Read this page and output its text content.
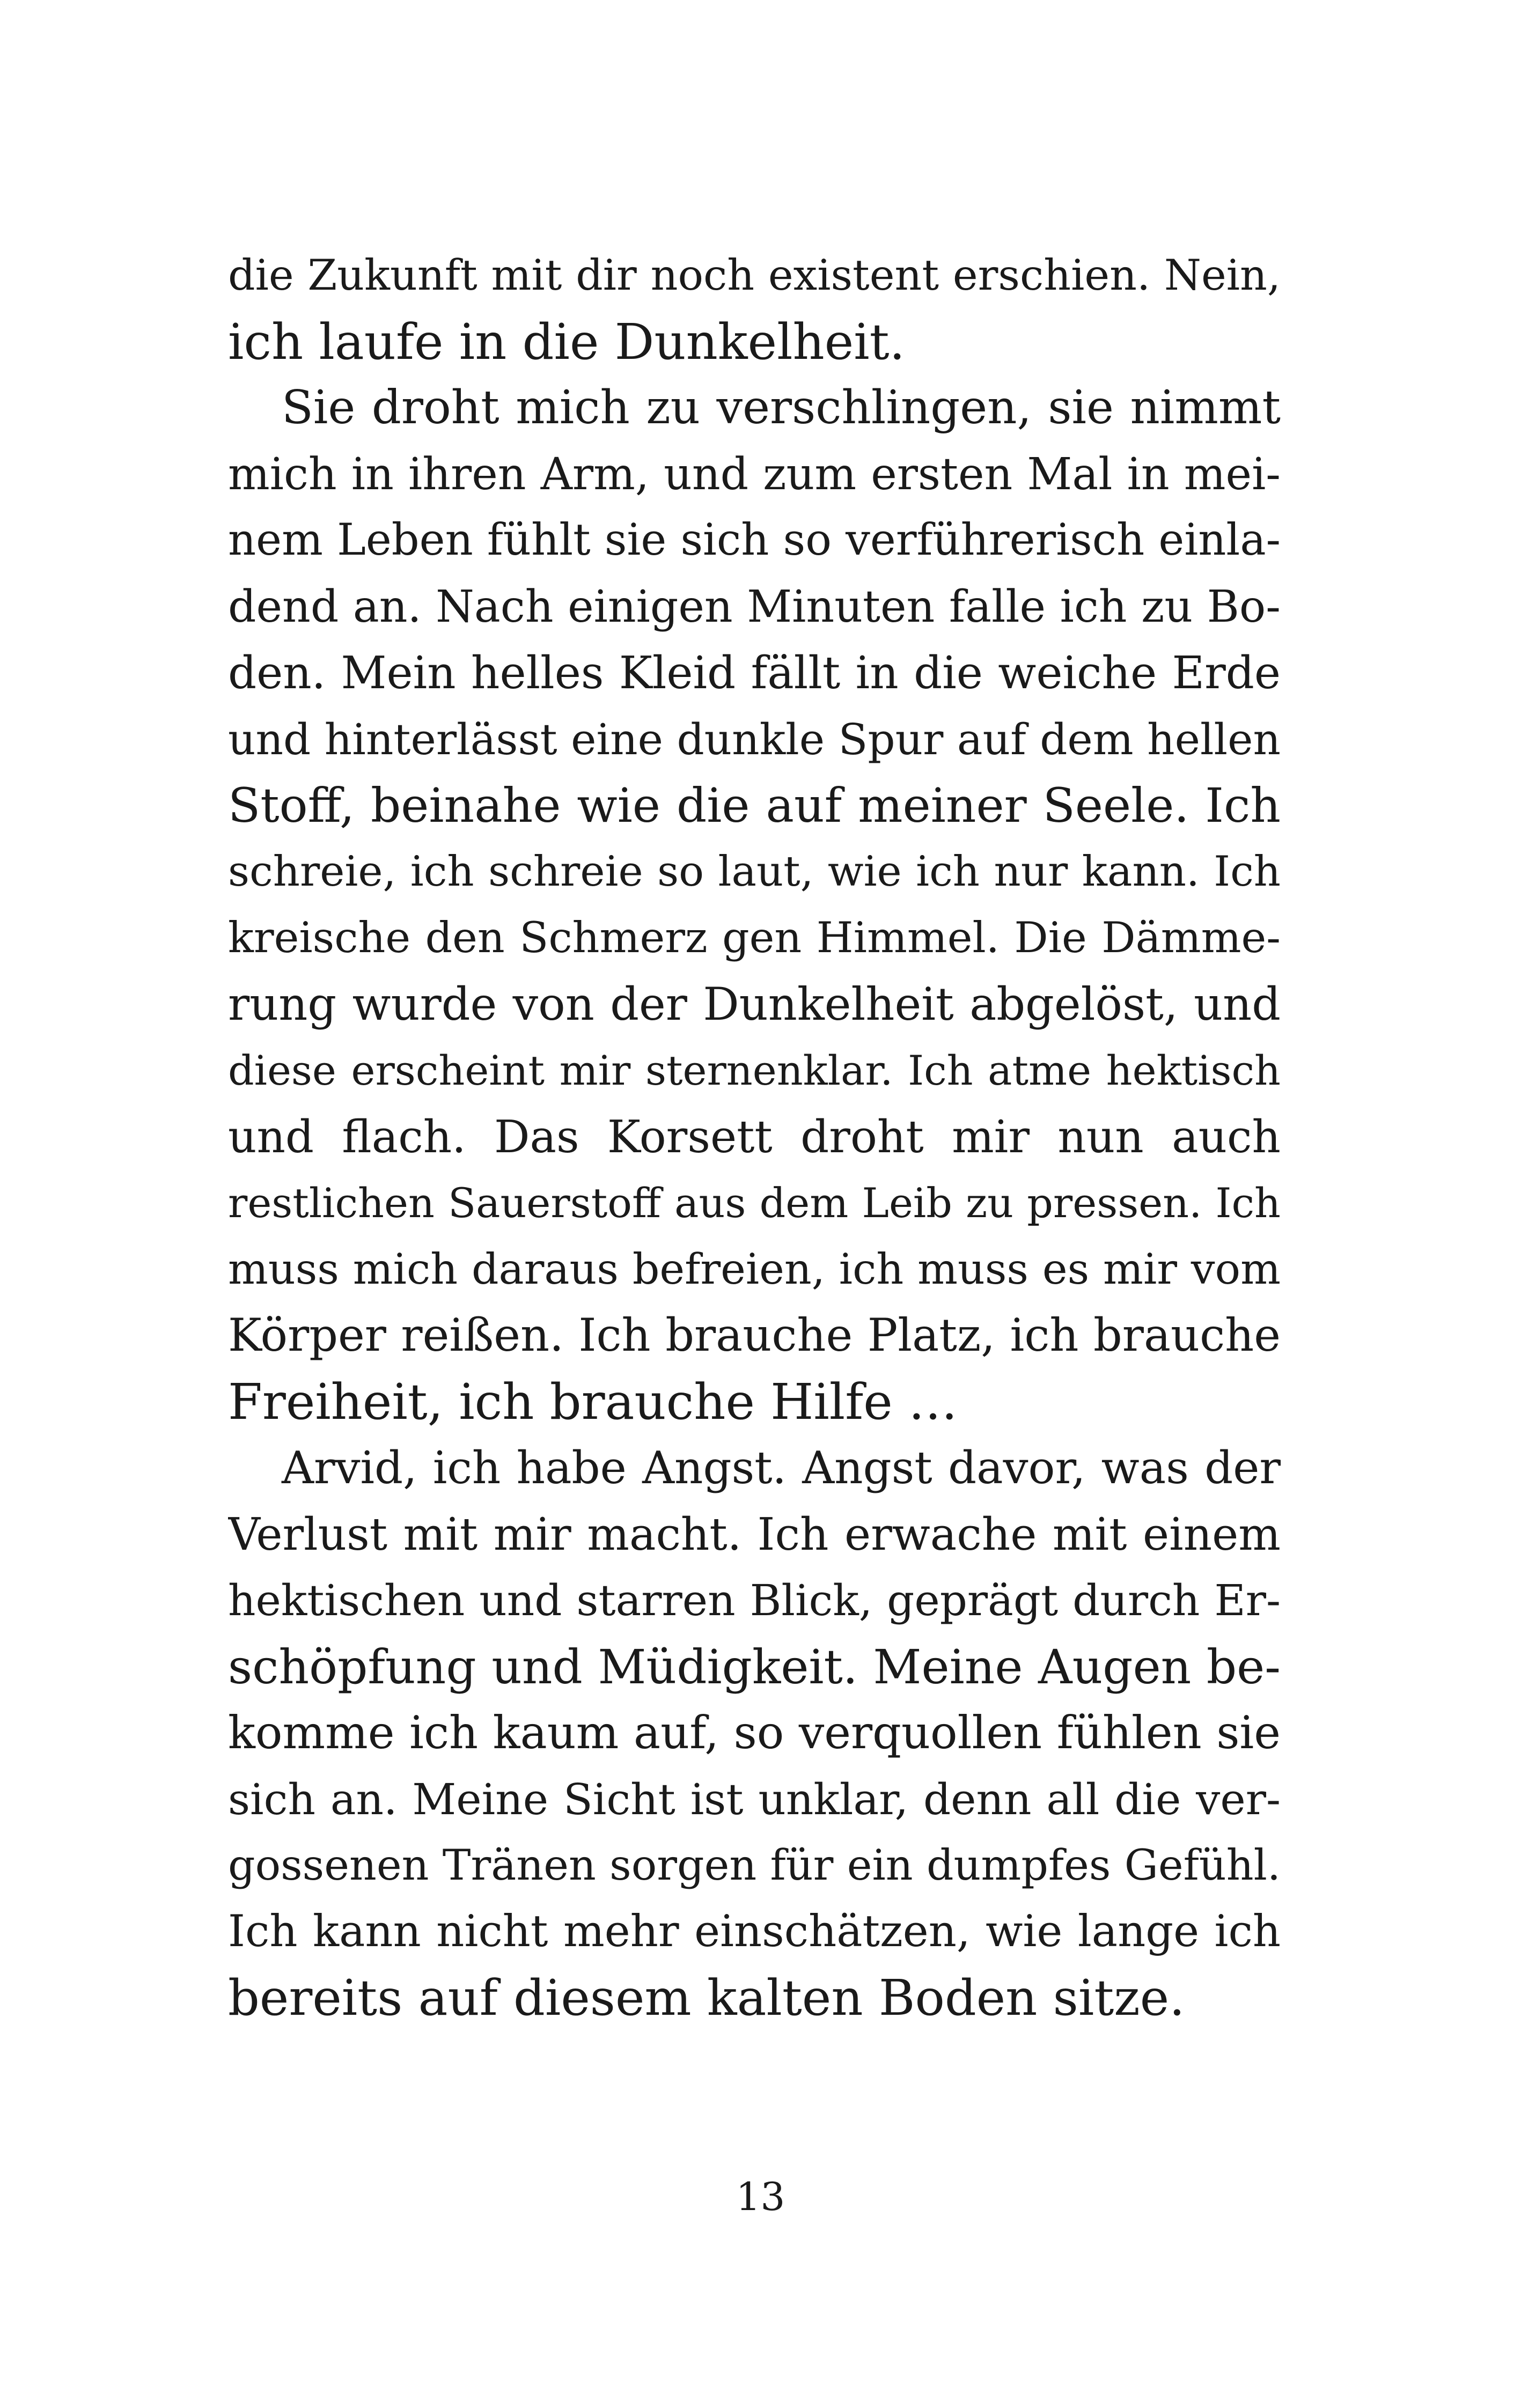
die Zukunft mit dir noch existent erschien. Nein,
ich laufe in die Dunkelheit.
Sie droht mich zu verschlingen, sie nimmt
mich in ihren Arm, und zum ersten Mal in mei-
nem Leben fühlt sie sich so verführerisch einla-
dend an. Nach einigen Minuten falle ich zu Bo-
den. Mein helles Kleid fällt in die weiche Erde
und hinterlässt eine dunkle Spur auf dem hellen
Stoff, beinahe wie die auf meiner Seele. Ich
schreie, ich schreie so laut, wie ich nur kann. Ich
kreische den Schmerz gen Himmel. Die Dämme-
rung wurde von der Dunkelheit abgelöst, und
diese erscheint mir sternenklar. Ich atme hektisch
und flach. Das Korsett droht mir nun auch
restlichen Sauerstoff aus dem Leib zu pressen. Ich
muss mich daraus befreien, ich muss es mir vom
Körper reißen. Ich brauche Platz, ich brauche
Freiheit, ich brauche Hilfe …
Arvid, ich habe Angst. Angst davor, was der
Verlust mit mir macht. Ich erwache mit einem
hektischen und starren Blick, geprägt durch Er-
schöpfung und Müdigkeit. Meine Augen be-
komme ich kaum auf, so verquollen fühlen sie
sich an. Meine Sicht ist unklar, denn all die ver-
gossenen Tränen sorgen für ein dumpfes Gefühl.
Ich kann nicht mehr einschätzen, wie lange ich
bereits auf diesem kalten Boden sitze.
13
